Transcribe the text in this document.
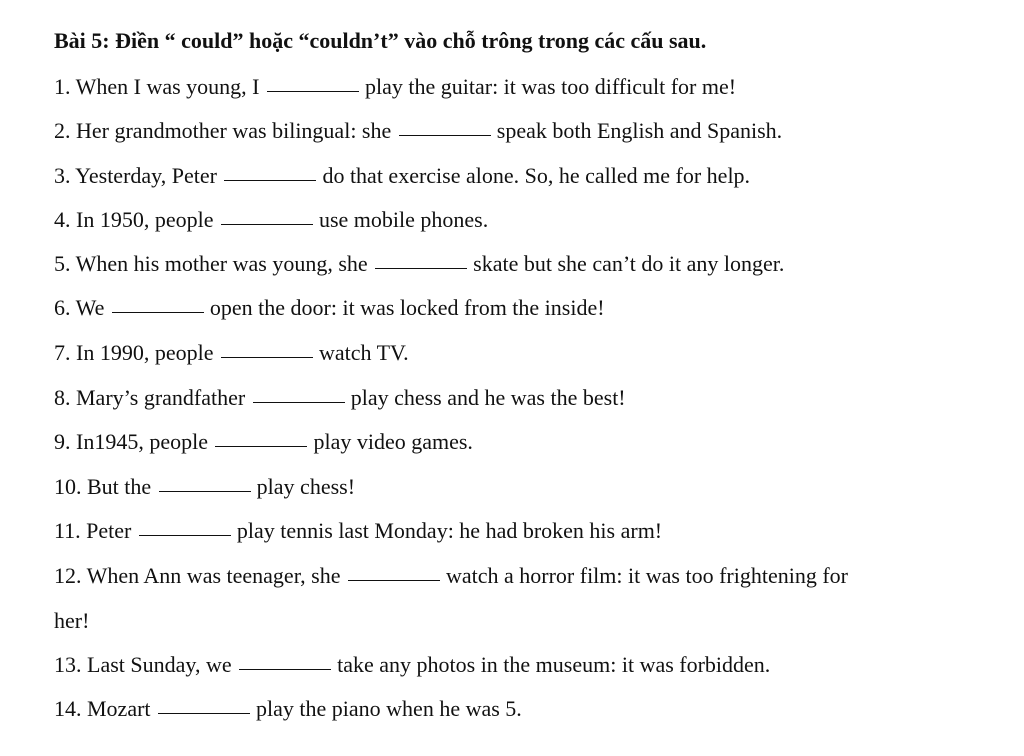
Bài 5: Điền “ could” hoặc “couldn’t” vào chỗ trông trong các cấu sau.
1. When I was young, I	play the guitar: it was too difficult for me!
2. Her grandmother was bilingual: she	speak both English and Spanish.
3. Yesterday, Peter	do that exercise alone. So, he called me for help.
4. In 1950, people	use mobile phones.
5. When his mother was young, she	skate but she can’t do it any longer.
6. We	open the door: it was locked from the inside!
7. In 1990, people	watch TV.
8. Mary’s grandfather	play chess and he was the best!
9. In1945, people	play video games.
10. But the	play chess!
11. Peter	play tennis last Monday: he had broken his arm!
12. When Ann was teenager, she	watch a horror film: it was too frightening for
her!
13. Last Sunday, we	take any photos in the museum: it was forbidden.
14. Mozart	play the piano when he was 5.
